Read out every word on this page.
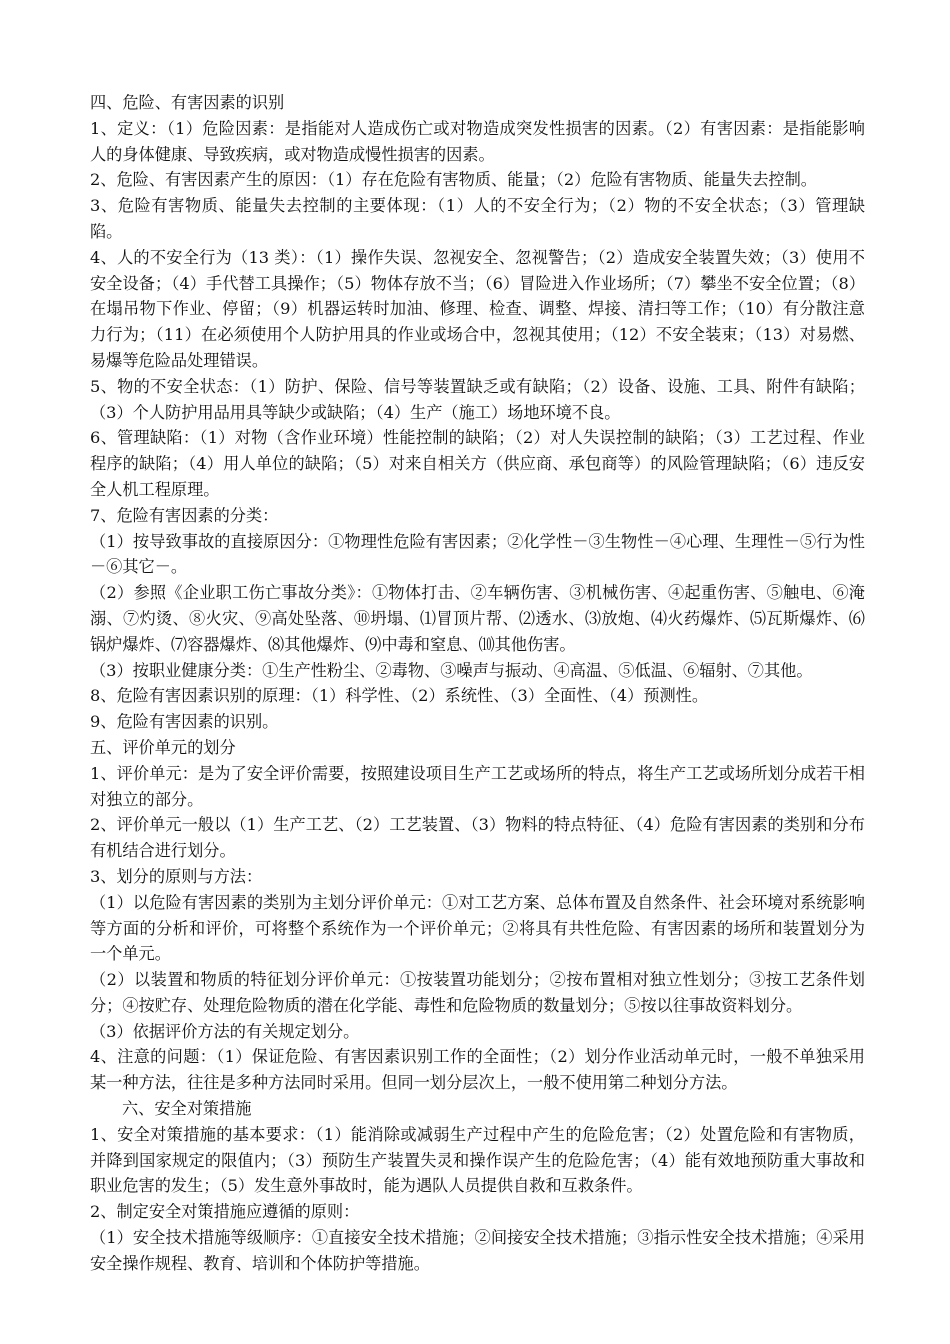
四、危险、有害因素的识别

1、定义：（1）危险因素：是指能对人造成伤亡或对物造成突发性损害的因素。（2）有害因素：是指能影响人的身体健康、导致疾病，或对物造成慢性损害的因素。

2、危险、有害因素产生的原因：（1）存在危险有害物质、能量；（2）危险有害物质、能量失去控制。

3、危险有害物质、能量失去控制的主要体现：（1）人的不安全行为；（2）物的不安全状态；（3）管理缺陷。

4、人的不安全行为（13 类）：（1）操作失误、忽视安全、忽视警告；（2）造成安全装置失效；（3）使用不安全设备；（4）手代替工具操作；（5）物体存放不当；（6）冒险进入作业场所；（7）攀坐不安全位置；（8）在塌吊物下作业、停留；（9）机器运转时加油、修理、检查、调整、焊接、清扫等工作；（10）有分散注意力行为；（11）在必须使用个人防护用具的作业或场合中，忽视其使用；（12）不安全装束；（13）对易燃、易爆等危险品处理错误。

5、物的不安全状态：（1）防护、保险、信号等装置缺乏或有缺陷；（2）设备、设施、工具、附件有缺陷；（3）个人防护用品用具等缺少或缺陷；（4）生产（施工）场地环境不良。

6、管理缺陷：（1）对物（含作业环境）性能控制的缺陷；（2）对人失误控制的缺陷；（3）工艺过程、作业程序的缺陷；（4）用人单位的缺陷；（5）对来自相关方（供应商、承包商等）的风险管理缺陷；（6）违反安全人机工程原理。

7、危险有害因素的分类：

（1）按导致事故的直接原因分：①物理性危险有害因素；②化学性－③生物性－④心理、生理性－⑤行为性－⑥其它－。

（2）参照《企业职工伤亡事故分类》：①物体打击、②车辆伤害、③机械伤害、④起重伤害、⑤触电、⑥淹溺、⑦灼烫、⑧火灾、⑨高处坠落、⑩坍塌、⑴冒顶片帮、⑵透水、⑶放炮、⑷火药爆炸、⑸瓦斯爆炸、⑹锅炉爆炸、⑺容器爆炸、⑻其他爆炸、⑼中毒和窒息、⑽其他伤害。

（3）按职业健康分类：①生产性粉尘、②毒物、③噪声与振动、④高温、⑤低温、⑥辐射、⑦其他。

8、危险有害因素识别的原理：（1）科学性、（2）系统性、（3）全面性、（4）预测性。

9、危险有害因素的识别。

五、评价单元的划分

1、评价单元：是为了安全评价需要，按照建设项目生产工艺或场所的特点，将生产工艺或场所划分成若干相对独立的部分。

2、评价单元一般以（1）生产工艺、（2）工艺装置、（3）物料的特点特征、（4）危险有害因素的类别和分布有机结合进行划分。

3、划分的原则与方法：

（1）以危险有害因素的类别为主划分评价单元：①对工艺方案、总体布置及自然条件、社会环境对系统影响等方面的分析和评价，可将整个系统作为一个评价单元；②将具有共性危险、有害因素的场所和装置划分为一个单元。

（2）以装置和物质的特征划分评价单元：①按装置功能划分；②按布置相对独立性划分；③按工艺条件划分；④按贮存、处理危险物质的潜在化学能、毒性和危险物质的数量划分；⑤按以往事故资料划分。

（3）依据评价方法的有关规定划分。

4、注意的问题：（1）保证危险、有害因素识别工作的全面性；（2）划分作业活动单元时，一般不单独采用某一种方法，往往是多种方法同时采用。但同一划分层次上，一般不使用第二种划分方法。

六、安全对策措施

1、安全对策措施的基本要求：（1）能消除或减弱生产过程中产生的危险危害；（2）处置危险和有害物质，并降到国家规定的限值内；（3）预防生产装置失灵和操作误产生的危险危害；（4）能有效地预防重大事故和职业危害的发生；（5）发生意外事故时，能为遇队人员提供自救和互救条件。

2、制定安全对策措施应遵循的原则：

（1）安全技术措施等级顺序：①直接安全技术措施；②间接安全技术措施；③指示性安全技术措施；④采用安全操作规程、教育、培训和个体防护等措施。
